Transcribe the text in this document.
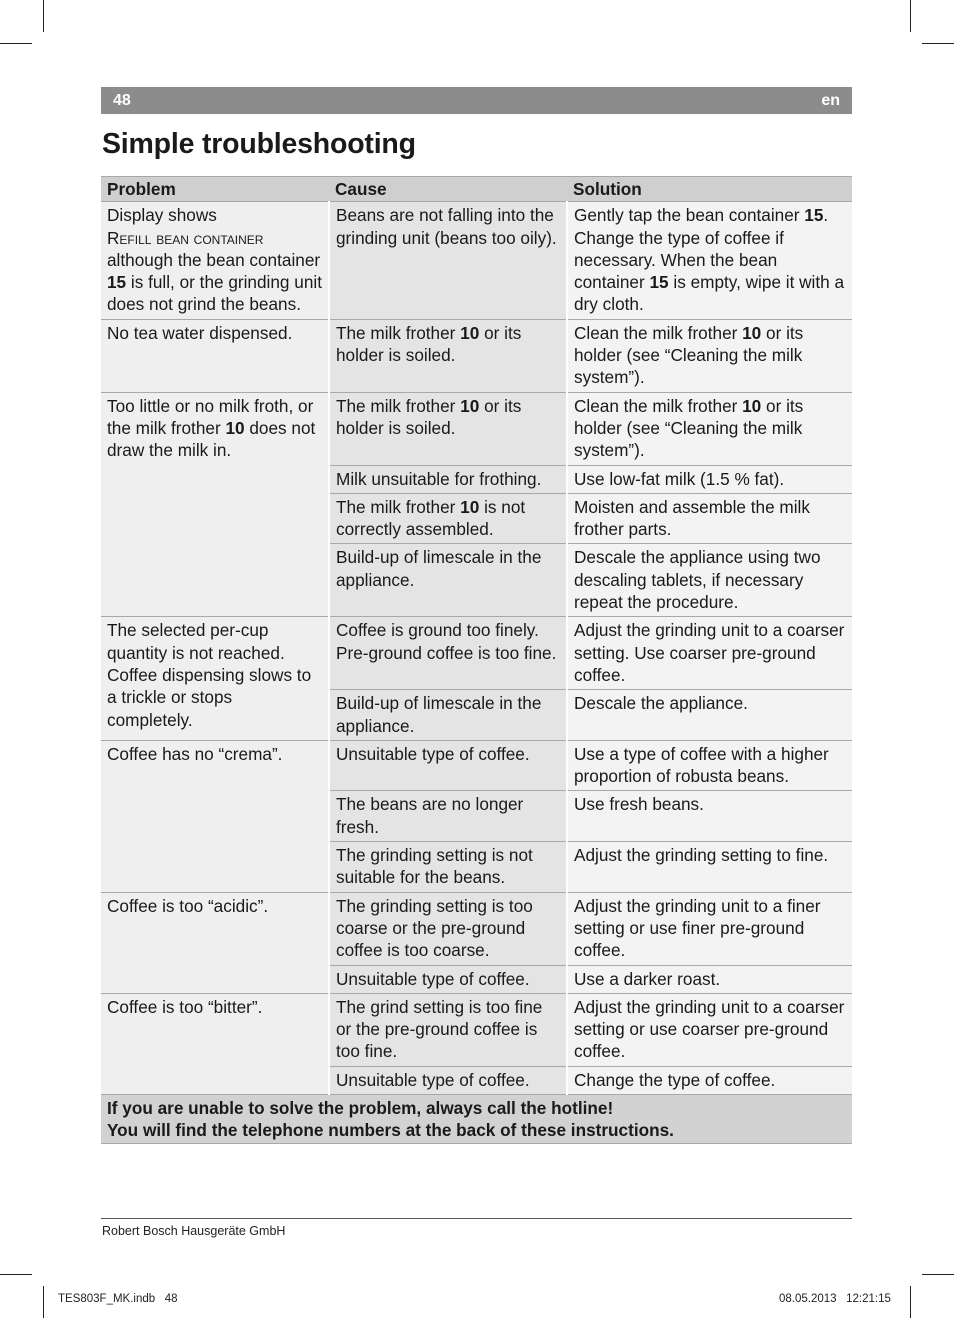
48	en
Simple troubleshooting
Problem	Cause	Solution
Display shows
Refill bean container
although the bean container 15 is full, or the grinding unit does not grind the beans.	Beans are not falling into the grinding unit (beans too oily).	Gently tap the bean container 15. Change the type of coffee if necessary. When the bean container 15 is empty, wipe it with a dry cloth.
No tea water dispensed.	The milk frother 10 or its holder is soiled.	Clean the milk frother 10 or its holder (see “Cleaning the milk system”).
Too little or no milk froth, or the milk frother 10 does not draw the milk in.	The milk frother 10 or its holder is soiled.	Clean the milk frother 10 or its holder (see “Cleaning the milk system”).
	Milk unsuitable for frothing.	Use low-fat milk (1.5 % fat).
	The milk frother 10 is not correctly assembled.	Moisten and assemble the milk frother parts.
	Build-up of limescale in the appliance.	Descale the appliance using two descaling tablets, if necessary repeat the procedure.
The selected per-cup quantity is not reached. Coffee dispensing slows to a trickle or stops completely.	Coffee is ground too finely. Pre-ground coffee is too fine.	Adjust the grinding unit to a coarser setting. Use coarser pre-ground coffee.
	Build-up of limescale in the appliance.	Descale the appliance.
Coffee has no “crema”.	Unsuitable type of coffee.	Use a type of coffee with a higher proportion of robusta beans.
	The beans are no longer fresh.	Use fresh beans.
	The grinding setting is not suitable for the beans.	Adjust the grinding setting to fine.
Coffee is too “acidic”.	The grinding setting is too coarse or the pre-ground coffee is too coarse.	Adjust the grinding unit to a finer setting or use finer pre-ground coffee.
	Unsuitable type of coffee.	Use a darker roast.
Coffee is too “bitter”.	The grind setting is too fine or the pre-ground coffee is too fine.	Adjust the grinding unit to a coarser setting or use coarser pre-ground coffee.
	Unsuitable type of coffee.	Change the type of coffee.
If you are unable to solve the problem, always call the hotline!
You will find the telephone numbers at the back of these instructions.		
Robert Bosch Hausgeräte GmbH
TES803F_MK.indb   48	08.05.2013   12:21:15
